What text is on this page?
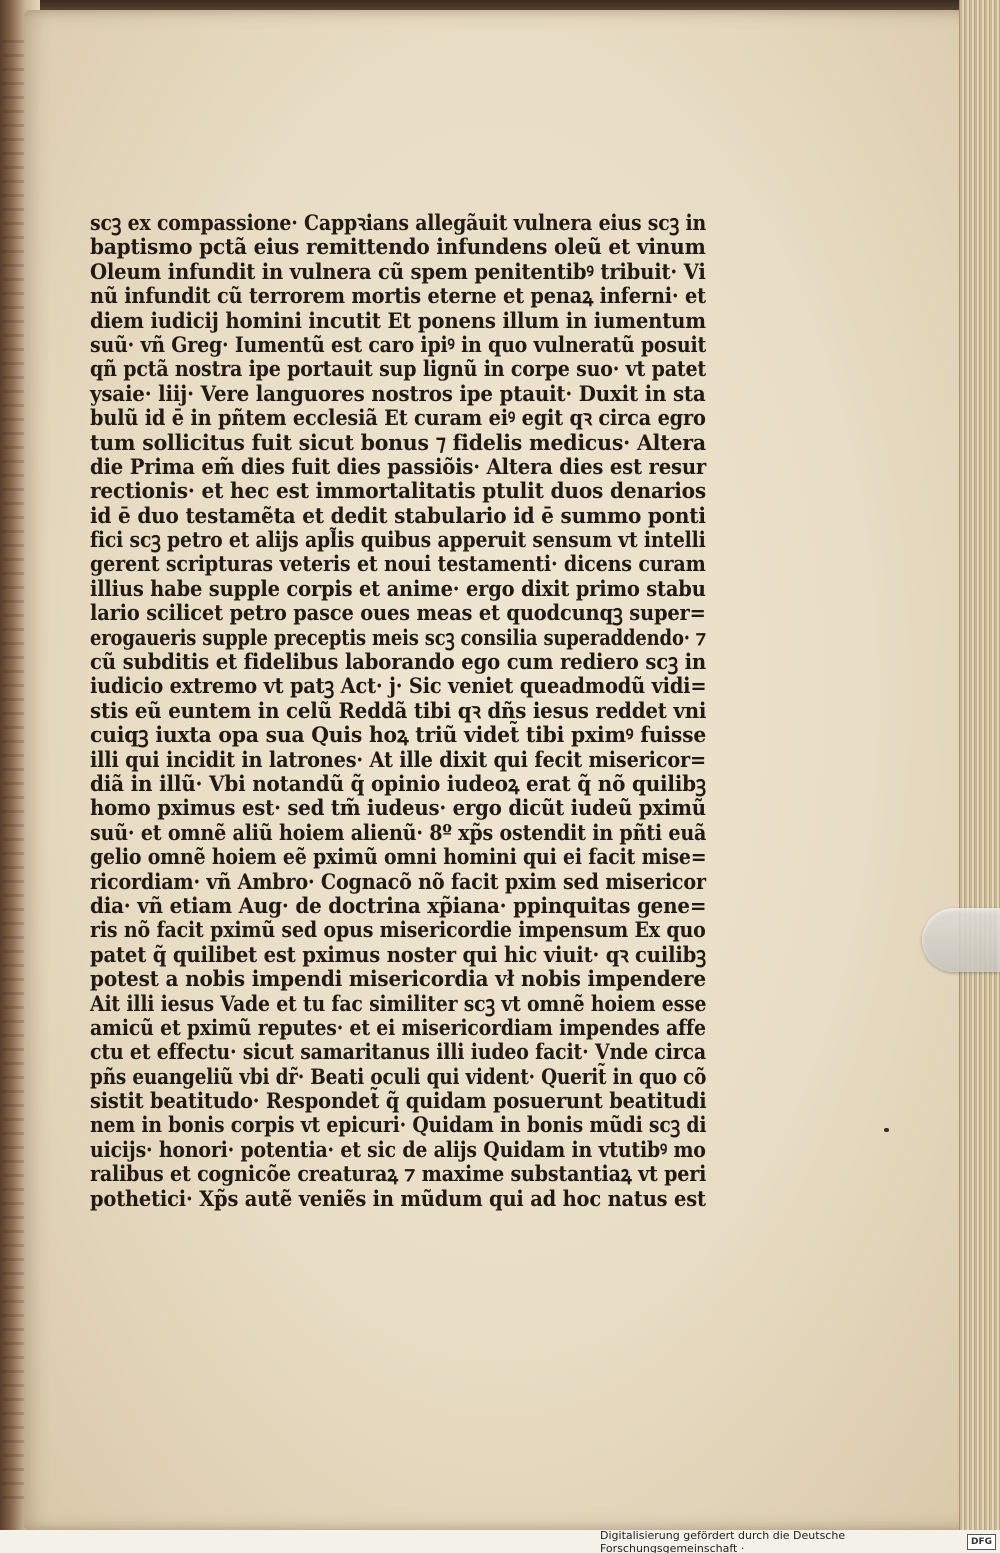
scꝫ ex compassione· Cappꝛians allegãuit vulnera eius scꝫ in
baptismo pctã eius remittendo infundens oleũ et vinum
Oleum infundit in vulnera cũ spem penitentibꝰ tribuit· Vi
nũ infundit cũ terrorem mortis eterne et penaꝝ inferni· et
diem iudicij homini incutit Et ponens illum in iumentum
suũ· vñ Greg· Iumentũ est caro ipiꝰ in quo vulneratũ posuit
qñ pctã nostra ipe portauit sup lignũ in corpe suo· vt patet
ysaie· liij· Vere languores nostros ipe ptauit· Duxit in sta
bulũ id ē in pñtem ecclesiã Et curam eiꝰ egit qꝛ circa egro
tum sollicitus fuit sicut bonus ⁊ fidelis medicus· Altera
die Prima em̃ dies fuit dies passiõis· Altera dies est resur
rectionis· et hec est immortalitatis ptulit duos denarios
id ē duo testamẽta et dedit stabulario id ē summo ponti
fici scꝫ petro et alijs apl̃is quibus apperuit sensum vt intelli
gerent scripturas veteris et noui testamenti· dicens curam
illius habe supple corpis et anime· ergo dixit primo stabu
lario scilicet petro pasce oues meas et quodcunqꝫ super=
erogaueris supple preceptis meis scꝫ consilia superaddendo· ⁊
cũ subditis et fidelibus laborando ego cum rediero scꝫ in
iudicio extremo vt patꝫ Act· j· Sic veniet queadmodũ vidi=
stis eũ euntem in celũ Reddã tibi qꝛ dñs iesus reddet vni
cuiqꝫ iuxta opa sua Quis hoꝝ triũ videt̃ tibi pximꝰ fuisse
illi qui incidit in latrones· At ille dixit qui fecit misericor=
diã in illũ· Vbi notandũ q̃ opinio iudeoꝝ erat q̃ nõ quilibꝫ
homo pximus est· sed tm̃ iudeus· ergo dicũt iudeũ pximũ
suũ· et omnẽ aliũ hoiem alienũ· 8º xp̃s ostendit in pñti euã
gelio omnẽ hoiem eẽ pximũ omni homini qui ei facit mise=
ricordiam· vñ Ambro· Cognacõ nõ facit pxim sed misericor
dia· vñ etiam Aug· de doctrina xp̃iana· ppinquitas gene=
ris nõ facit pximũ sed opus misericordie impensum Ex quo
patet q̃ quilibet est pximus noster qui hic viuit· qꝛ cuilibꝫ
potest a nobis impendi misericordia vł nobis impendere
Ait illi iesus Vade et tu fac similiter scꝫ vt omnẽ hoiem esse
amicũ et pximũ reputes· et ei misericordiam impendes affe
ctu et effectu· sicut samaritanus illi iudeo facit· Vnde circa
pñs euangeliũ vbi dr̃· Beati oculi qui vident· Querit̃ in quo cõ
sistit beatitudo· Respondet̃ q̃ quidam posuerunt beatitudi
nem in bonis corpis vt epicuri· Quidam in bonis mũdi scꝫ di
uicijs· honori· potentia· et sic de alijs Quidam in vtutibꝰ mo
ralibus et cognicõe creaturaꝝ ⁊ maxime substantiaꝝ vt peri
pothetici· Xp̃s autẽ veniẽs in mũdum qui ad hoc natus est
Digitalisierung gefördert durch die Deutsche Forschungsgemeinschaft ·	DFG
